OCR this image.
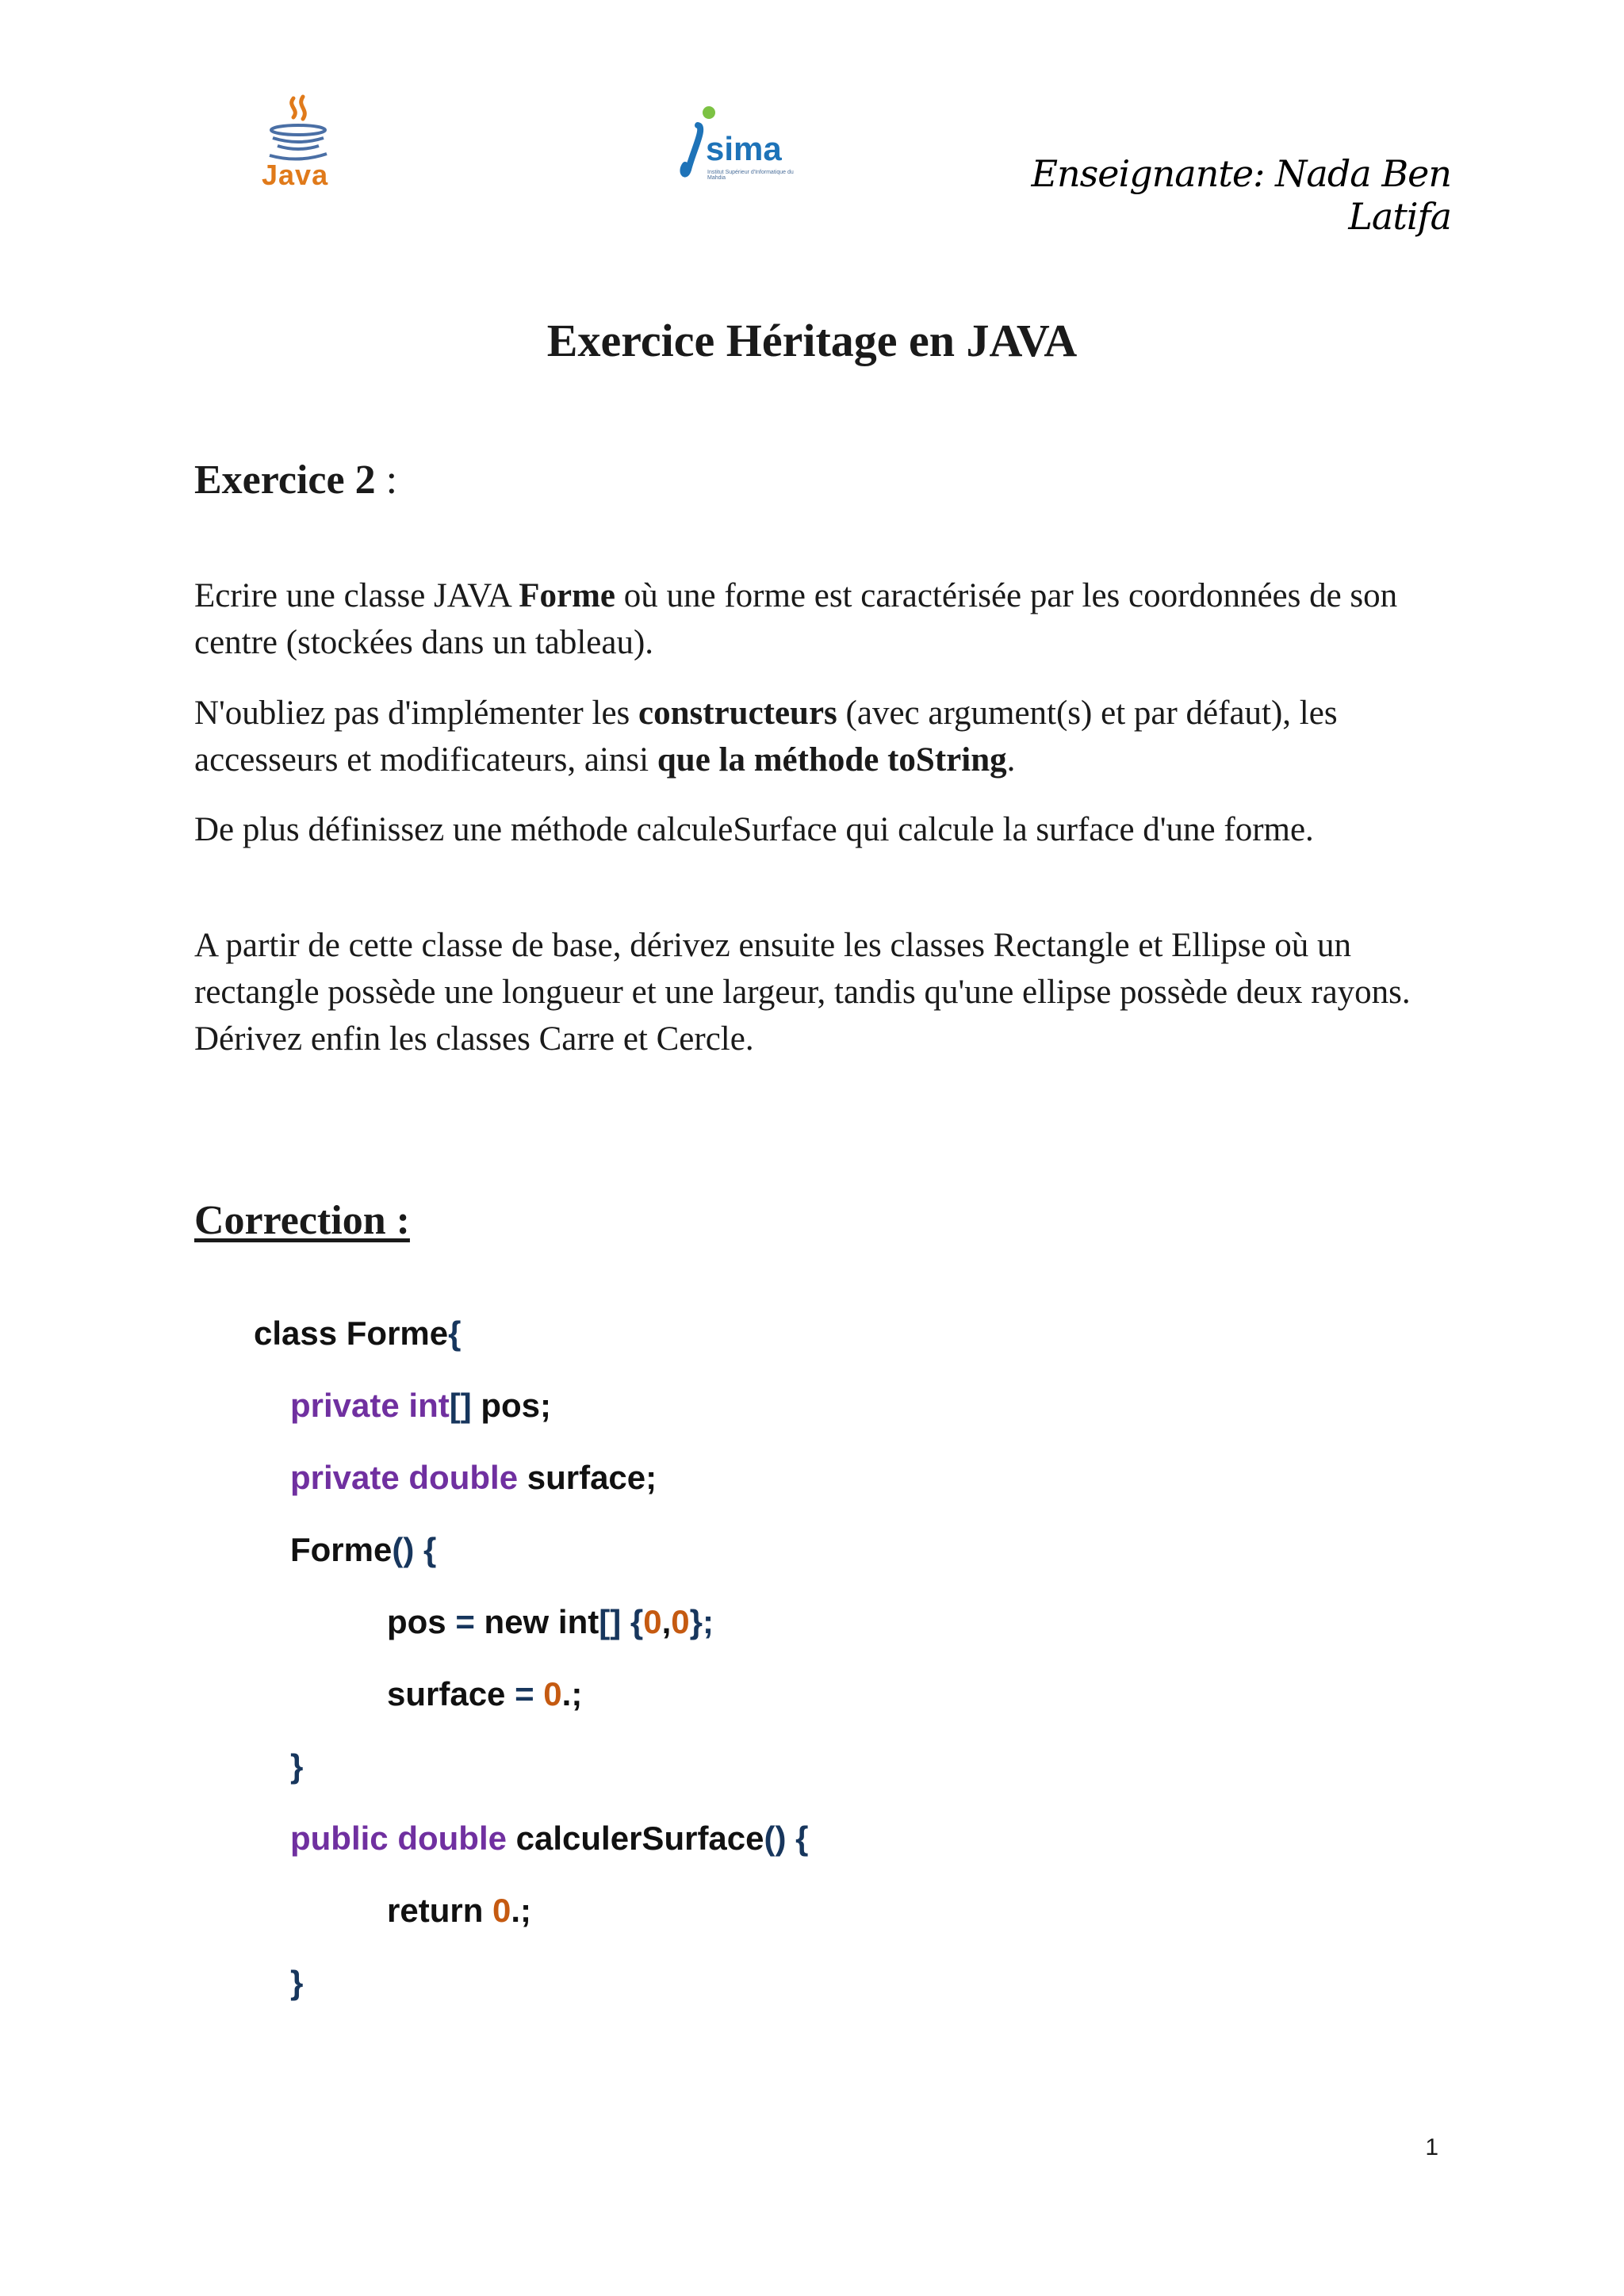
Java
sima
Institut Supérieur d'Informatique du Mahdia	Enseignante: Nada Ben Latifa
Exercice Héritage en JAVA
Exercice 2 :
Ecrire une classe JAVA Forme où une forme est caractérisée par les coordonnées de son centre (stockées dans un tableau).
N'oubliez pas d'implémenter les constructeurs (avec argument(s) et par défaut), les accesseurs et modificateurs, ainsi que la méthode toString.
De plus définissez une méthode calculeSurface qui calcule la surface d'une forme.
A partir de cette classe de base, dérivez ensuite les classes Rectangle et Ellipse où un rectangle possède une longueur et une largeur, tandis qu'une ellipse possède deux rayons. Dérivez enfin les classes Carre et Cercle.
Correction :
class Forme{
private int[] pos;
private double surface;
Forme() {
pos = new int[] {0,0};
surface = 0.;
}
public double calculerSurface() {
return 0.;
}
1
